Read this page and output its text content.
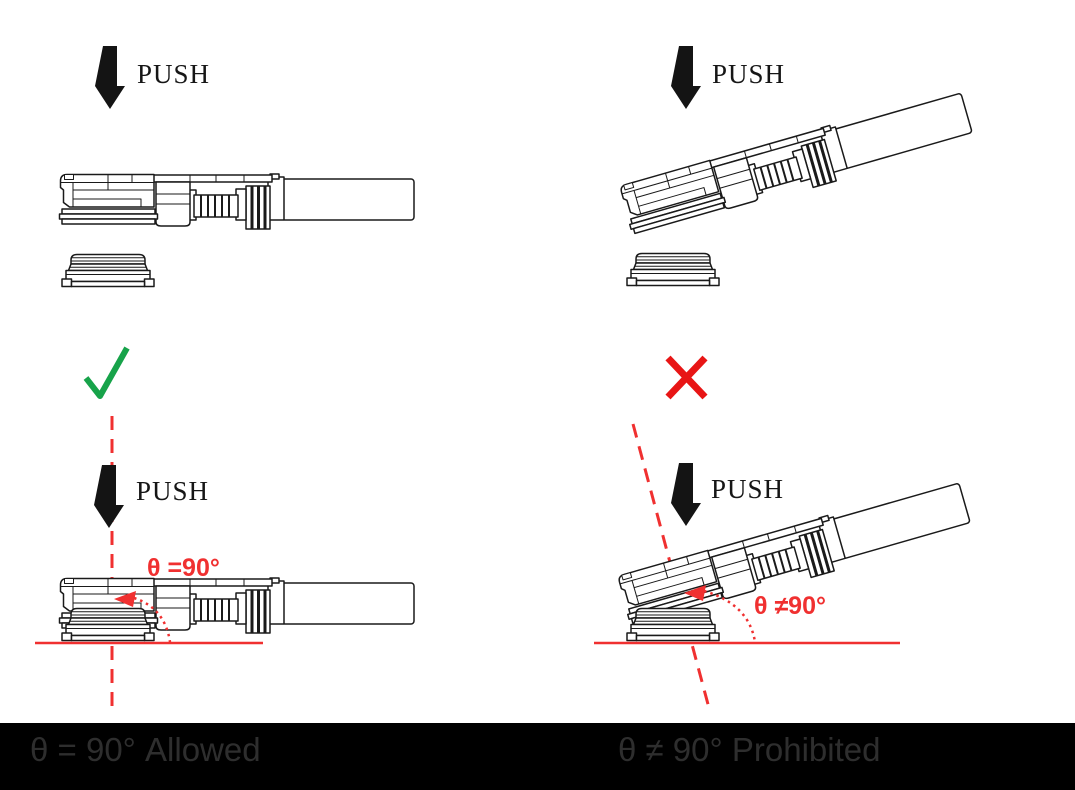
PUSH	PUSH
PUSH
θ =90°
PUSH
θ ≠90°
θ = 90° Allowed	θ ≠ 90° Prohibited
